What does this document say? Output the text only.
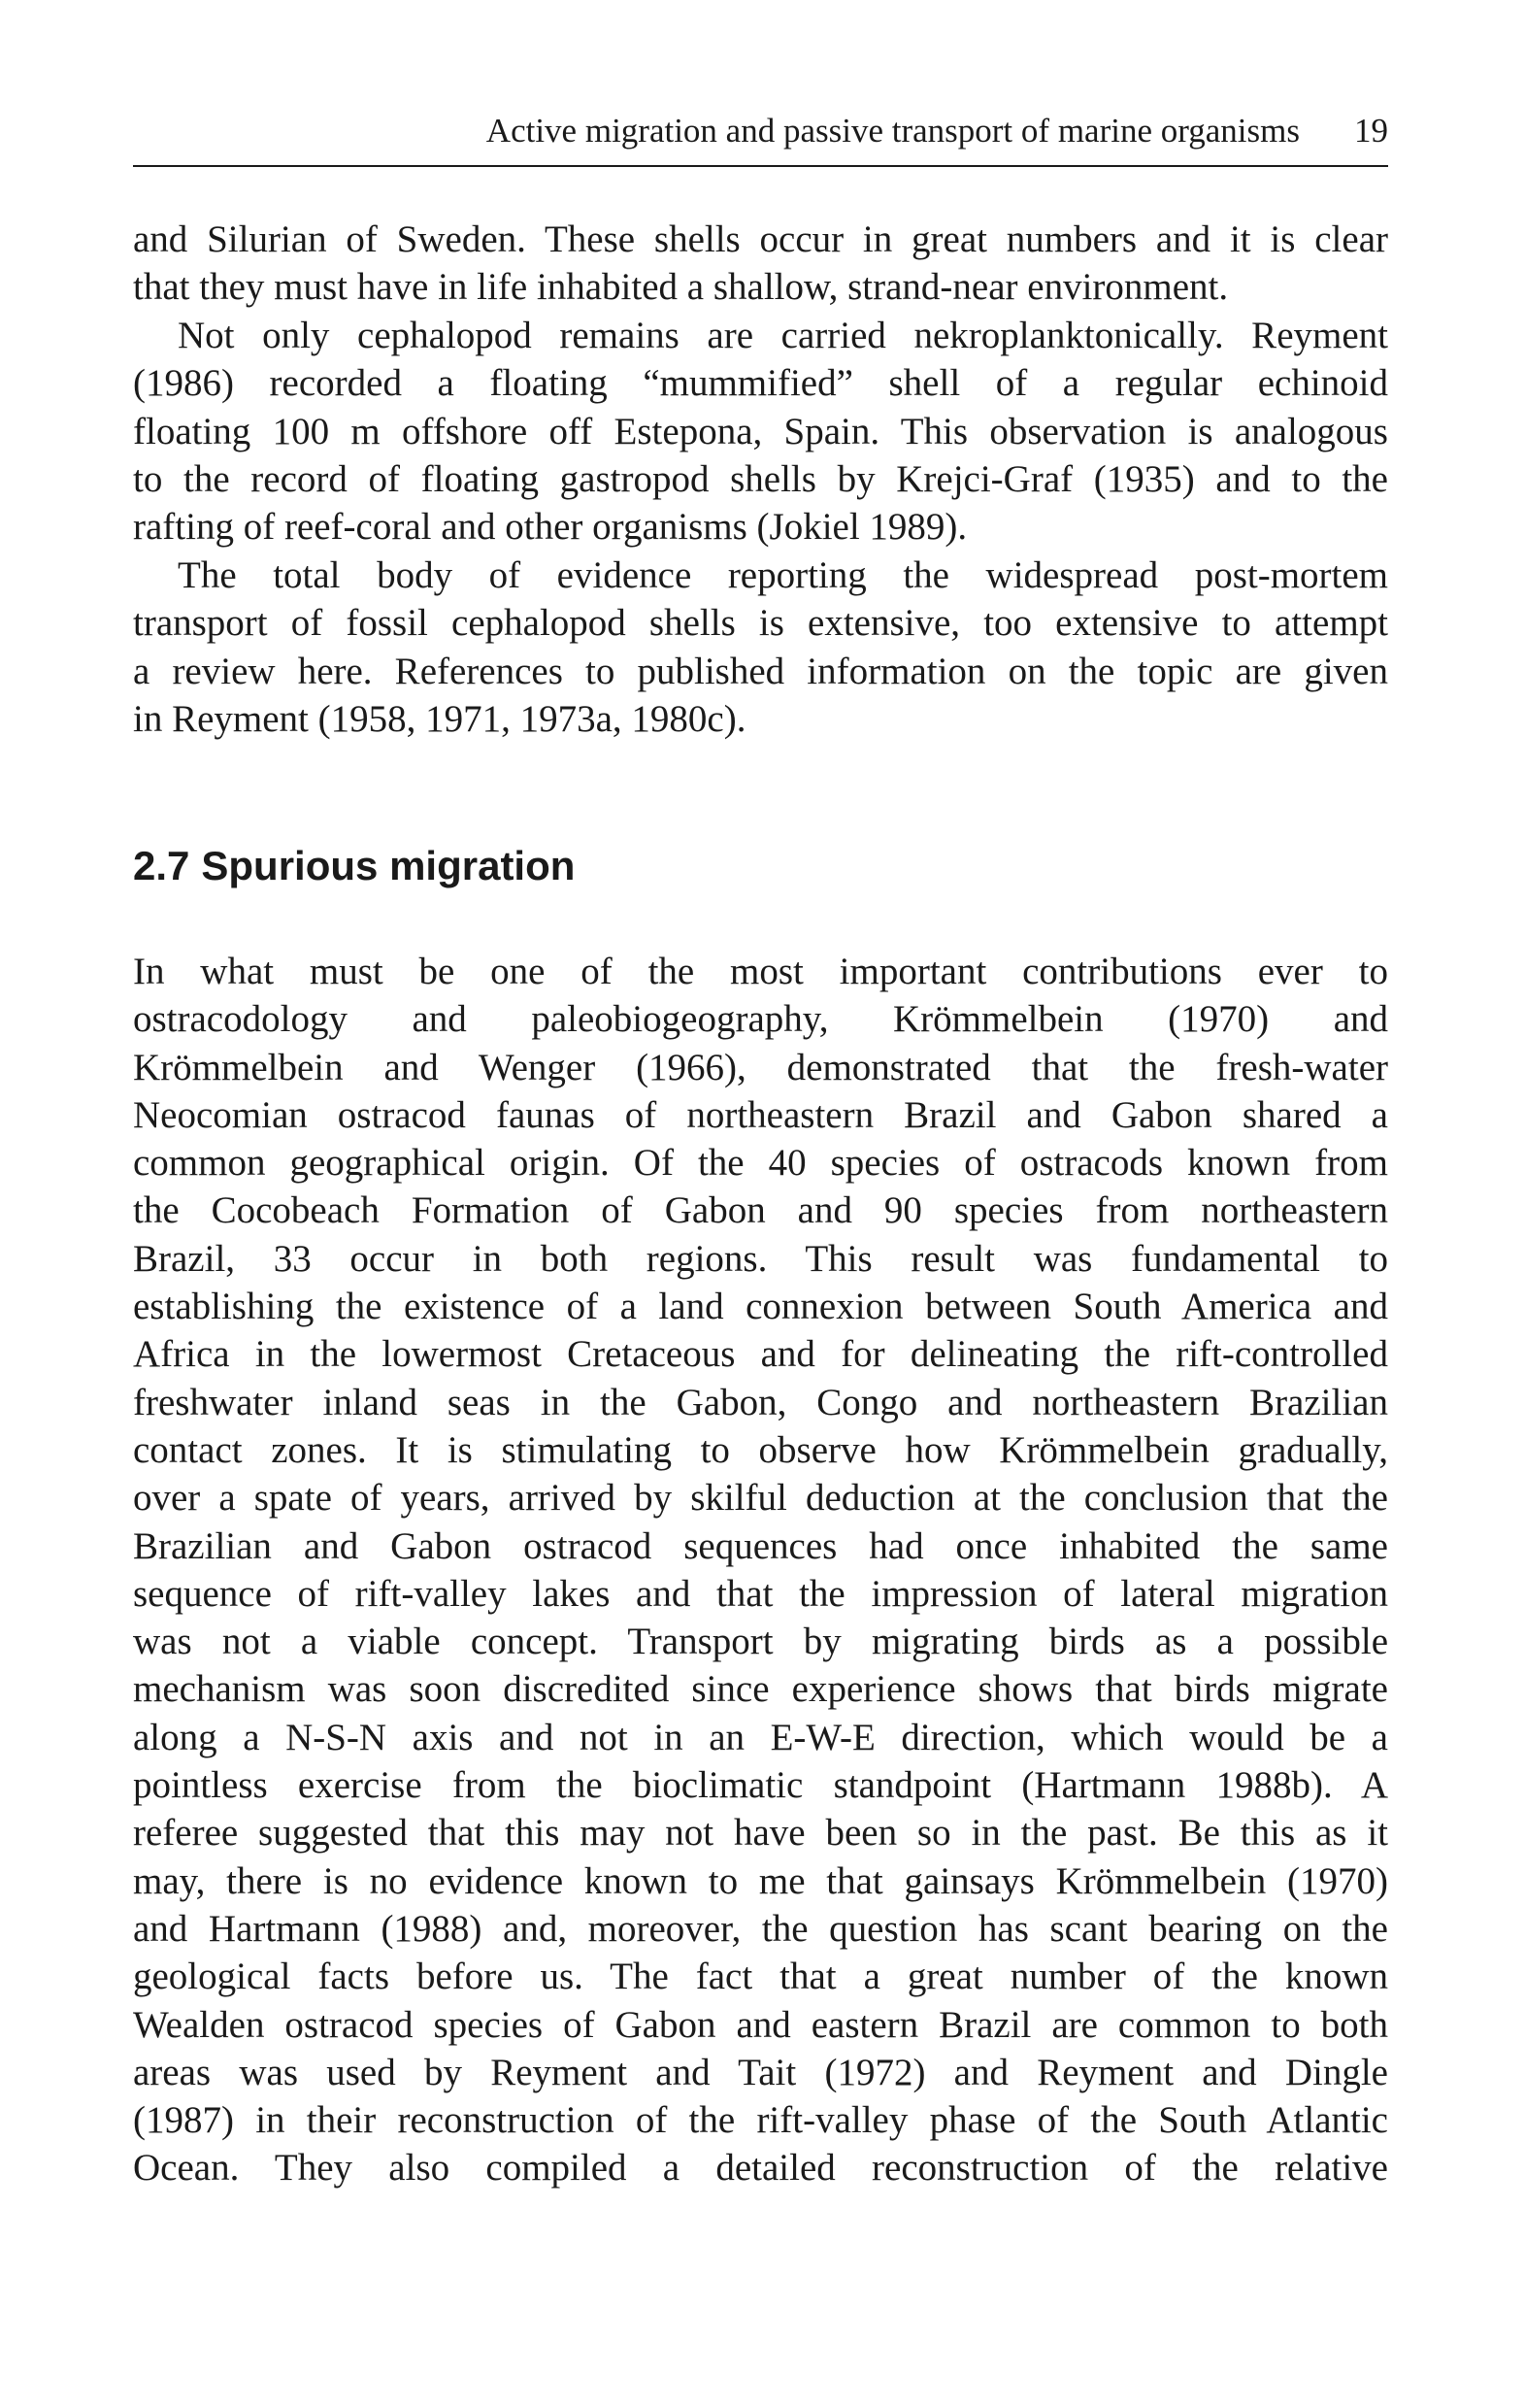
Active migration and passive transport of marine organisms 19

and Silurian of Sweden. These shells occur in great numbers and it is clear
that they must have in life inhabited a shallow, strand-near environment.

Not only cephalopod remains are carried nekroplanktonically. Reyment
(1986) recorded a floating “mummified” shell of a regular echinoid
floating 100 m offshore off Estepona, Spain. This observation is analogous
to the record of floating gastropod shells by Krejci-Graf (1935) and to the
rafting of reef-coral and other organisms (Jokiel 1989).

The total body of evidence reporting the widespread post-mortem
transport of fossil cephalopod shells is extensive, too extensive to attempt
a review here. References to published information on the topic are given
in Reyment (1958, 1971, 1973a, 1980c).

2.7 Spurious migration

In what must be one of the most important contributions ever to
ostracodology and paleobiogeography, Krömmelbein (1970) and
Krömmelbein and Wenger (1966), demonstrated that the fresh-water
Neocomian ostracod faunas of northeastern Brazil and Gabon shared a
common geographical origin. Of the 40 species of ostracods known from
the Cocobeach Formation of Gabon and 90 species from northeastern
Brazil, 33 occur in both regions. This result was fundamental to
establishing the existence of a land connexion between South America and
Africa in the lowermost Cretaceous and for delineating the rift-controlled
freshwater inland seas in the Gabon, Congo and northeastern Brazilian
contact zones. It is stimulating to observe how Krömmelbein gradually,
over a spate of years, arrived by skilful deduction at the conclusion that the
Brazilian and Gabon ostracod sequences had once inhabited the same
sequence of rift-valley lakes and that the impression of lateral migration
was not a viable concept. Transport by migrating birds as a possible
mechanism was soon discredited since experience shows that birds migrate
along a N-S-N axis and not in an E-W-E direction, which would be a
pointless exercise from the bioclimatic standpoint (Hartmann 1988b). A
referee suggested that this may not have been so in the past. Be this as it
may, there is no evidence known to me that gainsays Krömmelbein (1970)
and Hartmann (1988) and, moreover, the question has scant bearing on the
geological facts before us. The fact that a great number of the known
Wealden ostracod species of Gabon and eastern Brazil are common to both
areas was used by Reyment and Tait (1972) and Reyment and Dingle
(1987) in their reconstruction of the rift-valley phase of the South Atlantic
Ocean. They also compiled a detailed reconstruction of the relative
